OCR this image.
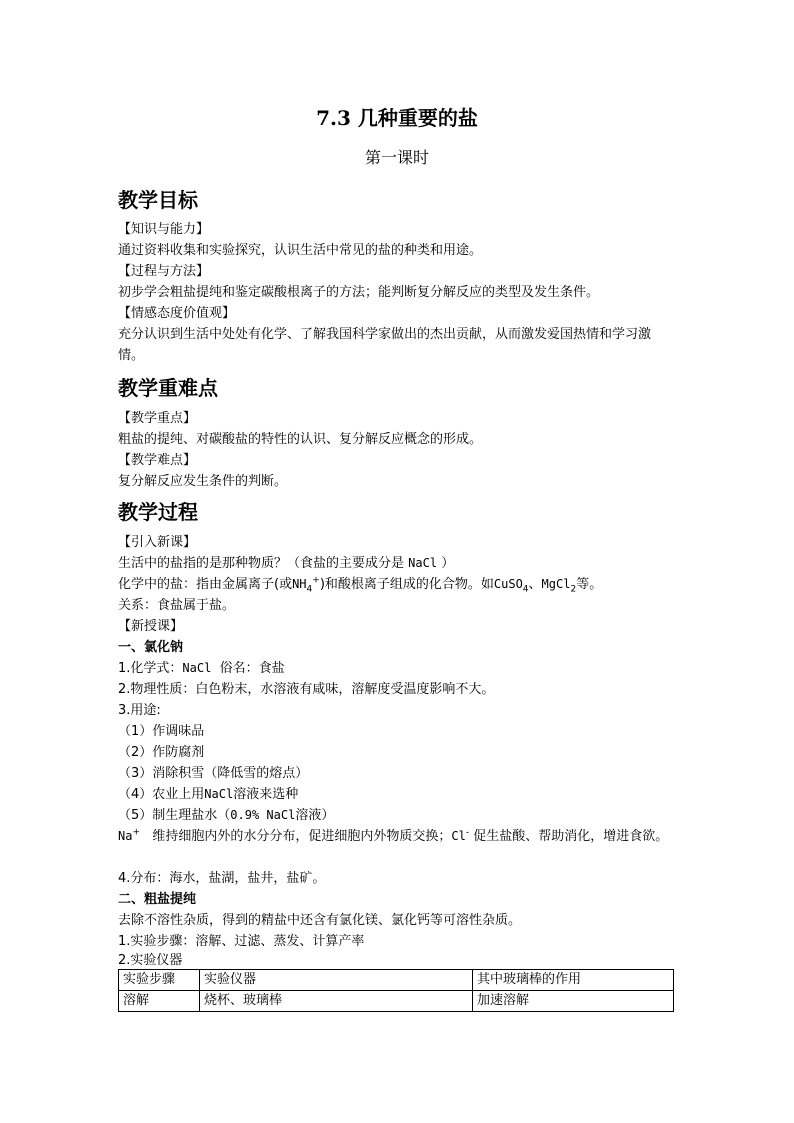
7.3 几种重要的盐
第一课时
教学目标
【知识与能力】
通过资料收集和实验探究，认识生活中常见的盐的种类和用途。
【过程与方法】
初步学会粗盐提纯和鉴定碳酸根离子的方法；能判断复分解反应的类型及发生条件。
【情感态度价值观】
充分认识到生活中处处有化学、了解我国科学家做出的杰出贡献，从而激发爱国热情和学习激情。
教学重难点
【教学重点】
粗盐的提纯、对碳酸盐的特性的认识、复分解反应概念的形成。
【教学难点】
复分解反应发生条件的判断。
教学过程
【引入新课】
生活中的盐指的是那种物质？（食盐的主要成分是 NaCl ）
化学中的盐：指由金属离子(或$NH_4^+$)和酸根离子组成的化合物。如CuSO$_4$、MgCl$_2$等。
关系：食盐属于盐。
【新授课】
一、氯化钠
1.化学式：NaCl  俗名：食盐
2.物理性质：白色粉末，水溶液有咸味，溶解度受温度影响不大。
3.用途:
（1）作调味品
（2）作防腐剂
（3）消除积雪（降低雪的熔点）
（4）农业上用NaCl溶液来选种
（5）制生理盐水（0.9% NaCl溶液）
Na+   维持细胞内外的水分分布，促进细胞内外物质交换；Cl- 促生盐酸、帮助消化，增进食欲。
4.分布：海水，盐湖，盐井，盐矿。
二、粗盐提纯
去除不溶性杂质，得到的精盐中还含有氯化镁、氯化钙等可溶性杂质。
1.实验步骤：溶解、过滤、蒸发、计算产率
2.实验仪器
实验步骤	实验仪器	其中玻璃棒的作用
溶解	烧杯、玻璃棒	加速溶解
